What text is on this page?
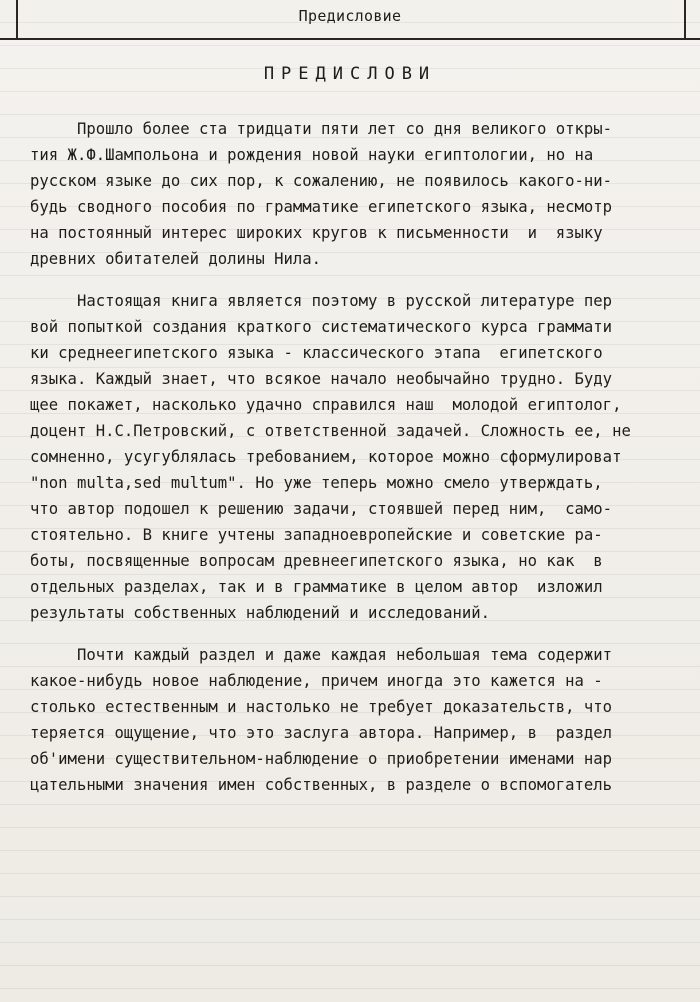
Предисловие
ПРЕДИСЛОВИ
Прошло более ста тридцати пяти лет со дня великого откры-
тия Ж.Ф.Шампольона и рождения новой науки египтологии, но на
русском языке до сих пор, к сожалению, не появилось какого-ни-
будь сводного пособия по грамматике египетского языка, несмотр
на постоянный интерес широких кругов к письменности  и  языку
древних обитателей долины Нила.
Настоящая книга является поэтому в русской литературе пер
вой попыткой создания краткого систематического курса граммати
ки среднеегипетского языка - классического этапа  египетского
языка. Каждый знает, что всякое начало необычайно трудно. Буду
щее покажет, насколько удачно справился наш  молодой египтолог,
доцент Н.С.Петровский, с ответственной задачей. Сложность ее, не
сомненно, усугублялась требованием, которое можно сформулироват
"non multa,sed multum". Но уже теперь можно смело утверждать,
что автор подошел к решению задачи, стоявшей перед ним,  само-
стоятельно. В книге учтены западноевропейские и советские ра-
боты, посвященные вопросам древнеегипетского языка, но как  в
отдельных разделах, так и в грамматике в целом автор  изложил
результаты собственных наблюдений и исследований.
Почти каждый раздел и даже каждая небольшая тема содержит
какое-нибудь новое наблюдение, причем иногда это кажется на -
столько естественным и настолько не требует доказательств, что
теряется ощущение, что это заслуга автора. Например, в  раздел
об'имени существительном-наблюдение о приобретении именами нар
цательными значения имен собственных, в разделе о вспомогатель
